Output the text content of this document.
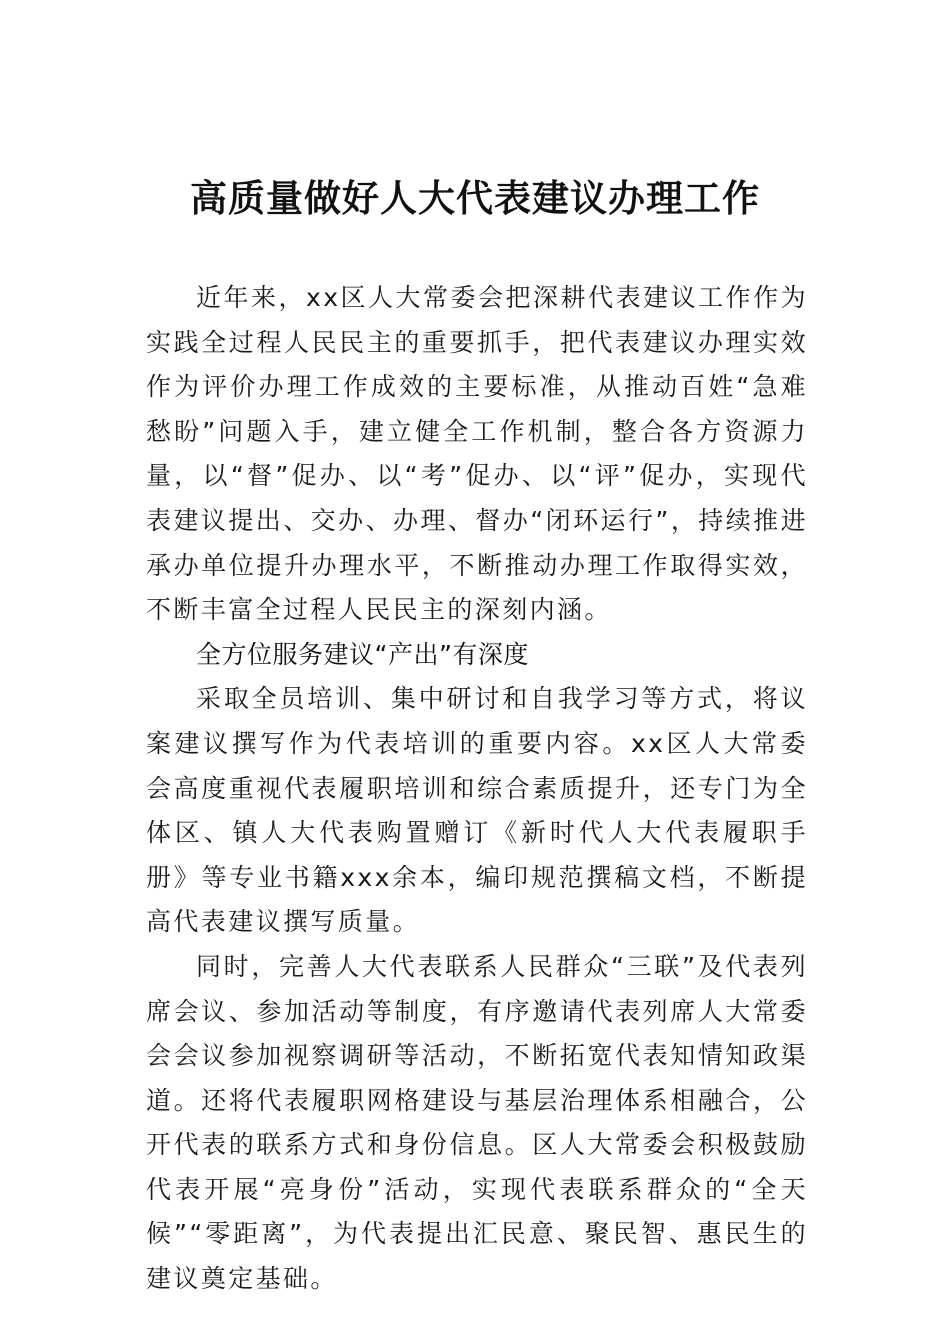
高质量做好人大代表建议办理工作

近年来，xx区人大常委会把深耕代表建议工作作为实践全过程人民民主的重要抓手，把代表建议办理实效作为评价办理工作成效的主要标准，从推动百姓“急难愁盼”问题入手，建立健全工作机制，整合各方资源力量，以“督”促办、以“考”促办、以“评”促办，实现代表建议提出、交办、办理、督办“闭环运行”，持续推进承办单位提升办理水平，不断推动办理工作取得实效，不断丰富全过程人民民主的深刻内涵。

全方位服务建议“产出”有深度

采取全员培训、集中研讨和自我学习等方式，将议案建议撰写作为代表培训的重要内容。xx区人大常委会高度重视代表履职培训和综合素质提升，还专门为全体区、镇人大代表购置赠订《新时代人大代表履职手册》等专业书籍xxx余本，编印规范撰稿文档，不断提高代表建议撰写质量。

同时，完善人大代表联系人民群众“三联”及代表列席会议、参加活动等制度，有序邀请代表列席人大常委会会议参加视察调研等活动，不断拓宽代表知情知政渠道。还将代表履职网格建设与基层治理体系相融合，公开代表的联系方式和身份信息。区人大常委会积极鼓励代表开展“亮身份”活动，实现代表联系群众的“全天候”“零距离”，为代表提出汇民意、聚民智、惠民生的建议奠定基础。
